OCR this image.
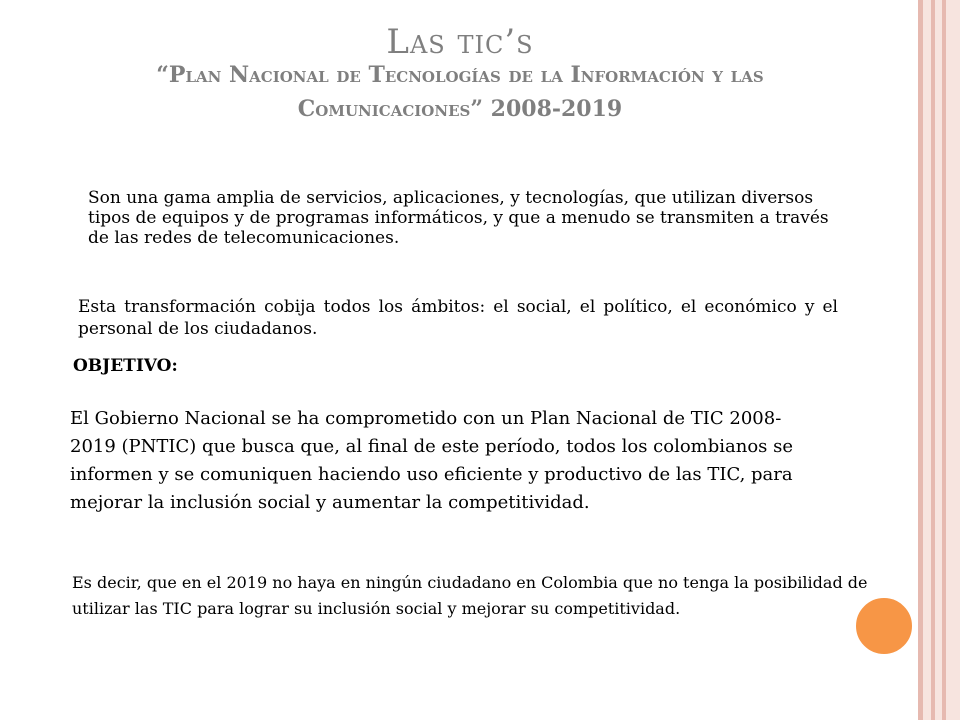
Las tic’s
“Plan Nacional de Tecnologías de la Información y las Comunicaciones” 2008-2019
Son una gama amplia de servicios, aplicaciones, y tecnologías, que utilizan diversos tipos de equipos y de programas informáticos, y que a menudo se transmiten a través de las redes de telecomunicaciones.
Esta transformación cobija todos los ámbitos: el social, el político, el económico y el personal de los ciudadanos.
OBJETIVO:
El Gobierno Nacional se ha comprometido con un Plan Nacional de TIC 2008- 2019 (PNTIC) que busca que, al final de este período, todos los colombianos se informen y se comuniquen haciendo uso eficiente y productivo de las TIC, para mejorar la inclusión social y aumentar la competitividad.
Es decir, que en el 2019 no haya en ningún ciudadano en Colombia que no tenga la posibilidad de utilizar las TIC para lograr su inclusión social y mejorar su competitividad.
